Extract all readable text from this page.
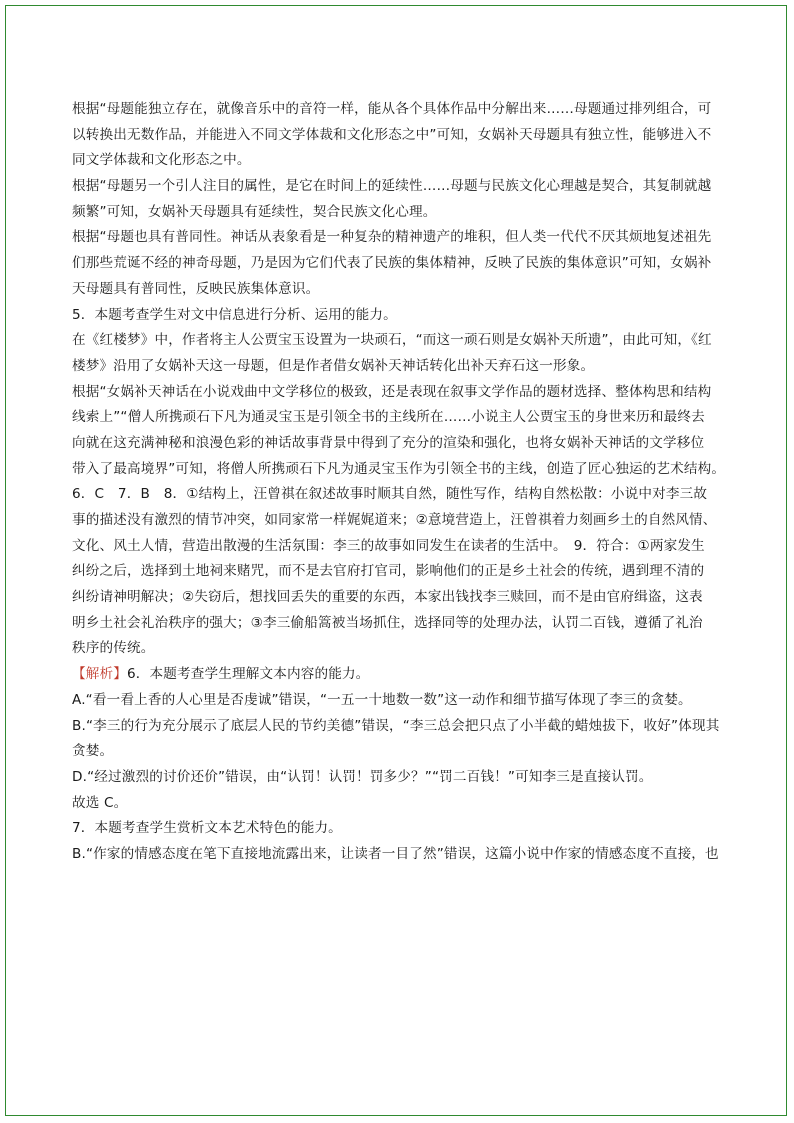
根据“母题能独立存在，就像音乐中的音符一样，能从各个具体作品中分解出来……母题通过排列组合，可
以转换出无数作品，并能进入不同文学体裁和文化形态之中”可知，女娲补天母题具有独立性，能够进入不
同文学体裁和文化形态之中。
根据“母题另一个引人注目的属性，是它在时间上的延续性……母题与民族文化心理越是契合，其复制就越
频繁”可知，女娲补天母题具有延续性，契合民族文化心理。
根据“母题也具有普同性。神话从表象看是一种复杂的精神遗产的堆积，但人类一代代不厌其烦地复述祖先
们那些荒诞不经的神奇母题，乃是因为它们代表了民族的集体精神，反映了民族的集体意识”可知，女娲补
天母题具有普同性，反映民族集体意识。
5．本题考查学生对文中信息进行分析、运用的能力。
在《红楼梦》中，作者将主人公贾宝玉设置为一块顽石，“而这一顽石则是女娲补天所遗”，由此可知，《红
楼梦》沿用了女娲补天这一母题，但是作者借女娲补天神话转化出补天弃石这一形象。
根据“女娲补天神话在小说戏曲中文学移位的极致，还是表现在叙事文学作品的题材选择、整体构思和结构
线索上”“僧人所携顽石下凡为通灵宝玉是引领全书的主线所在……小说主人公贾宝玉的身世来历和最终去
向就在这充满神秘和浪漫色彩的神话故事背景中得到了充分的渲染和强化，也将女娲补天神话的文学移位
带入了最高境界”可知，将僧人所携顽石下凡为通灵宝玉作为引领全书的主线，创造了匠心独运的艺术结构。
6．C　7．B　8．①结构上，汪曾祺在叙述故事时顺其自然，随性写作，结构自然松散：小说中对李三故
事的描述没有激烈的情节冲突，如同家常一样娓娓道来；②意境营造上，汪曾祺着力刻画乡土的自然风情、
文化、风土人情，营造出散漫的生活氛围：李三的故事如同发生在读者的生活中。　9．符合：①两家发生
纠纷之后，选择到土地祠来赌咒，而不是去官府打官司，影响他们的正是乡土社会的传统，遇到理不清的
纠纷请神明解决；②失窃后，想找回丢失的重要的东西，本家出钱找李三赎回，而不是由官府缉盗，这表
明乡土社会礼治秩序的强大；③李三偷船篙被当场抓住，选择同等的处理办法，认罚二百钱，遵循了礼治
秩序的传统。
【解析】6．本题考查学生理解文本内容的能力。
A.“看一看上香的人心里是否虔诚”错误，“一五一十地数一数”这一动作和细节描写体现了李三的贪婪。
B.“李三的行为充分展示了底层人民的节约美德”错误，“李三总会把只点了小半截的蜡烛拔下，收好”体现其
贪婪。
D.“经过激烈的讨价还价”错误，由“认罚！认罚！罚多少？”“罚二百钱！”可知李三是直接认罚。
故选 C。
7．本题考查学生赏析文本艺术特色的能力。
B.“作家的情感态度在笔下直接地流露出来，让读者一目了然”错误，这篇小说中作家的情感态度不直接，也
